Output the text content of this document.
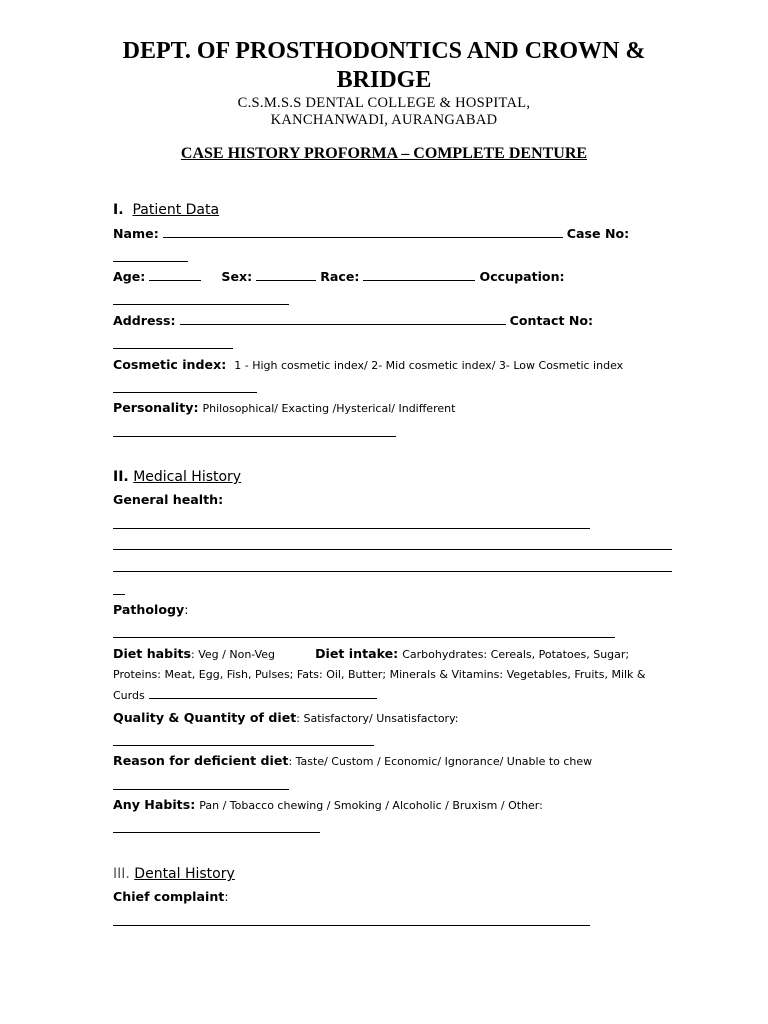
DEPT. OF PROSTHODONTICS AND CROWN &
BRIDGE
C.S.M.S.S DENTAL COLLEGE & HOSPITAL,
KANCHANWADI, AURANGABAD
CASE HISTORY PROFORMA – COMPLETE DENTURE
I. Patient Data
Name:	Case No:
Age:	Sex:	Race:	Occupation:
Address:	Contact No:
Cosmetic index: 1 - High cosmetic index/ 2- Mid cosmetic index/ 3- Low Cosmetic index
Personality: Philosophical/ Exacting /Hysterical/ Indifferent
II. Medical History
General health:
Pathology:
Diet habits: Veg / Non-Veg	Diet intake: Carbohydrates: Cereals, Potatoes, Sugar;
Proteins: Meat, Egg, Fish, Pulses; Fats: Oil, Butter; Minerals & Vitamins: Vegetables, Fruits, Milk &
Curds
Quality & Quantity of diet: Satisfactory/ Unsatisfactory:
Reason for deficient diet: Taste/ Custom / Economic/ Ignorance/ Unable to chew
Any Habits: Pan / Tobacco chewing / Smoking / Alcoholic / Bruxism / Other:
III. Dental History
Chief complaint:
